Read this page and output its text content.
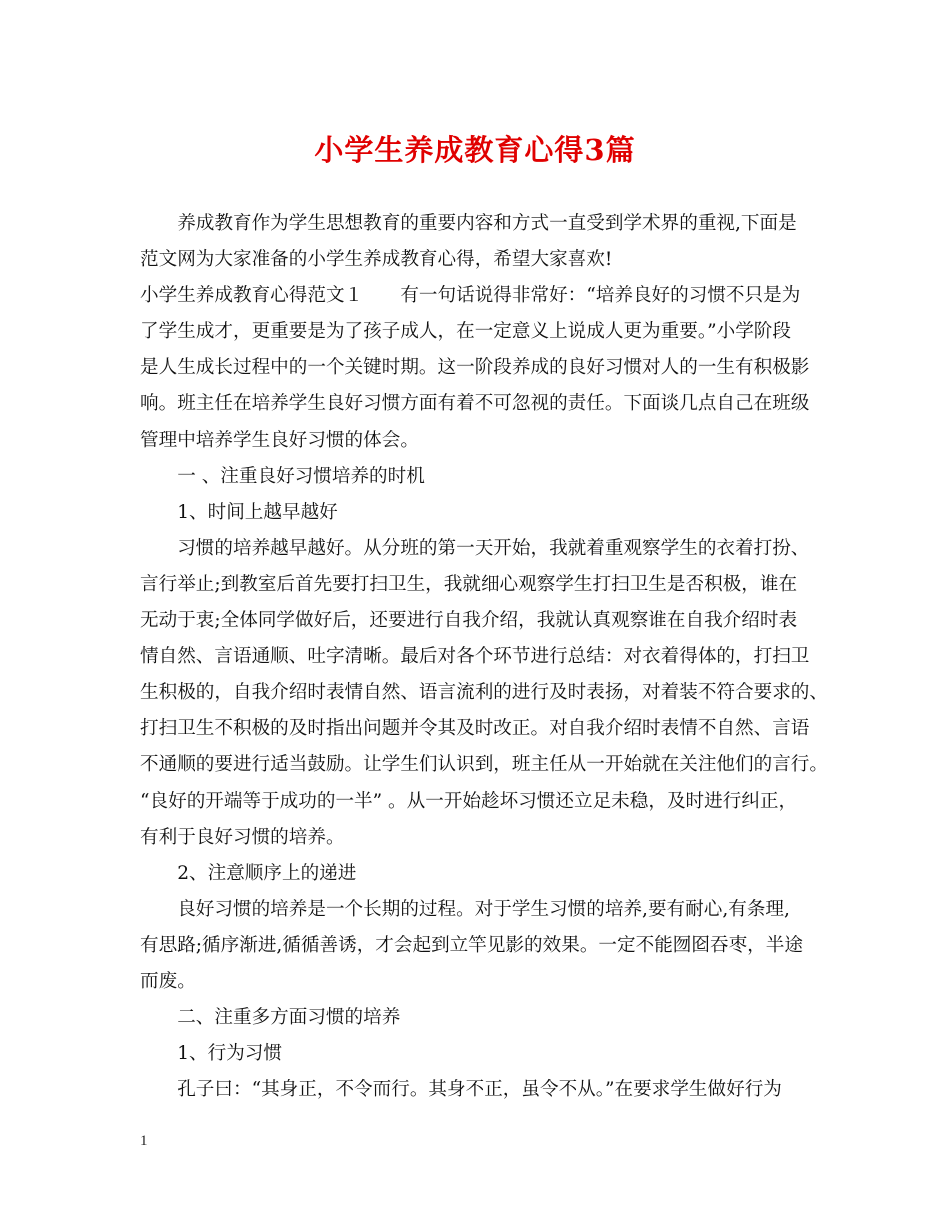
小学生养成教育心得3篇
　　养成教育作为学生思想教育的重要内容和方式一直受到学术界的重视,下面是
范文网为大家准备的小学生养成教育心得，希望大家喜欢!
小学生养成教育心得范文１　　有一句话说得非常好：“培养良好的习惯不只是为
了学生成才，更重要是为了孩子成人，在一定意义上说成人更为重要。”小学阶段
是人生成长过程中的一个关键时期。这一阶段养成的良好习惯对人的一生有积极影
响。班主任在培养学生良好习惯方面有着不可忽视的责任。下面谈几点自己在班级
管理中培养学生良好习惯的体会。
　　一 、注重良好习惯培养的时机
　　1、时间上越早越好
　　习惯的培养越早越好。从分班的第一天开始，我就着重观察学生的衣着打扮、
言行举止;到教室后首先要打扫卫生，我就细心观察学生打扫卫生是否积极，谁在
无动于衷;全体同学做好后，还要进行自我介绍，我就认真观察谁在自我介绍时表
情自然、言语通顺、吐字清晰。最后对各个环节进行总结：对衣着得体的，打扫卫
生积极的，自我介绍时表情自然、语言流利的进行及时表扬，对着装不符合要求的、
打扫卫生不积极的及时指出问题并令其及时改正。对自我介绍时表情不自然、言语
不通顺的要进行适当鼓励。让学生们认识到，班主任从一开始就在关注他们的言行。
“良好的开端等于成功的一半” 。从一开始趁坏习惯还立足未稳，及时进行纠正，
有利于良好习惯的培养。
　　2、注意顺序上的递进
　　良好习惯的培养是一个长期的过程。对于学生习惯的培养,要有耐心,有条理,
有思路;循序渐进,循循善诱，才会起到立竿见影的效果。一定不能囫囵吞枣，半途
而废。
　　二、注重多方面习惯的培养
　　1、行为习惯
　　孔子曰：“其身正，不令而行。其身不正，虽令不从。”在要求学生做好行为
1
